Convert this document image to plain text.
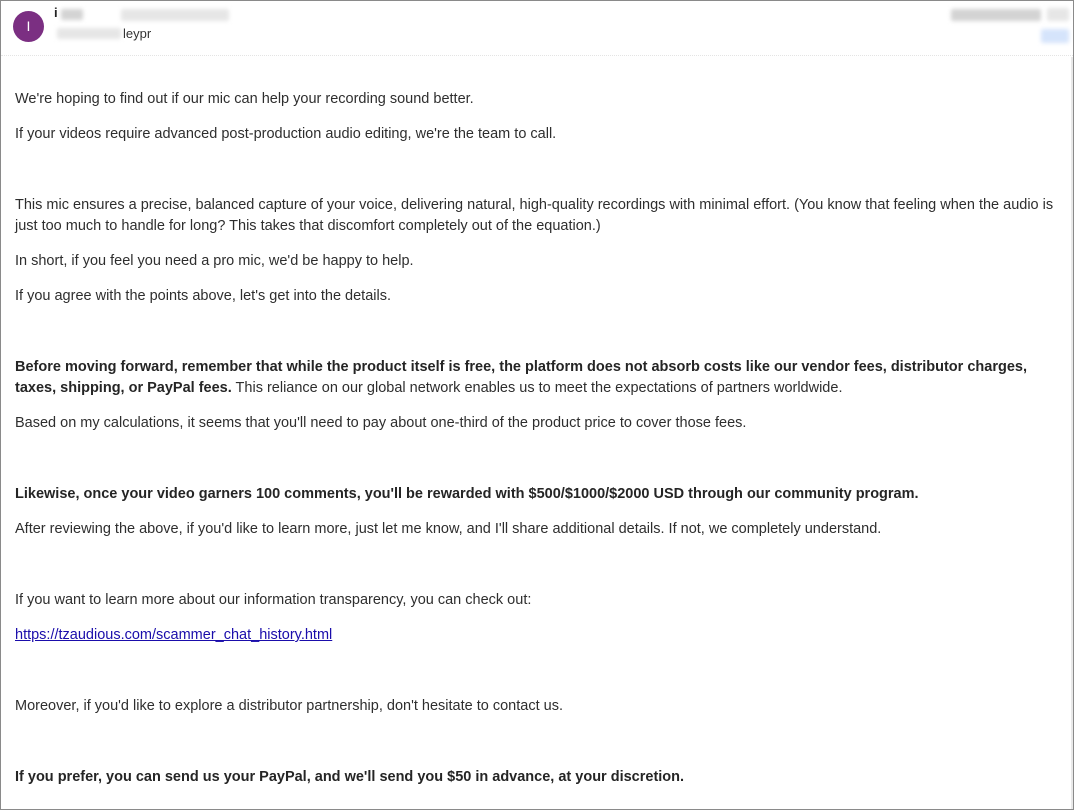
I
i
leypr

We're hoping to find out if our mic can help your recording sound better.

If your videos require advanced post-production audio editing, we're the team to call.

This mic ensures a precise, balanced capture of your voice, delivering natural, high-quality recordings with minimal effort. (You know that feeling when the audio is just too much to handle for long? This takes that discomfort completely out of the equation.)

In short, if you feel you need a pro mic, we'd be happy to help.

If you agree with the points above, let's get into the details.

Before moving forward, remember that while the product itself is free, the platform does not absorb costs like our vendor fees, distributor charges, taxes, shipping, or PayPal fees. This reliance on our global network enables us to meet the expectations of partners worldwide.

Based on my calculations, it seems that you'll need to pay about one-third of the product price to cover those fees.

Likewise, once your video garners 100 comments, you'll be rewarded with $500/$1000/$2000 USD through our community program.

After reviewing the above, if you'd like to learn more, just let me know, and I'll share additional details. If not, we completely understand.

If you want to learn more about our information transparency, you can check out:

https://tzaudious.com/scammer_chat_history.html

Moreover, if you'd like to explore a distributor partnership, don't hesitate to contact us.

If you prefer, you can send us your PayPal, and we'll send you $50 in advance, at your discretion.
